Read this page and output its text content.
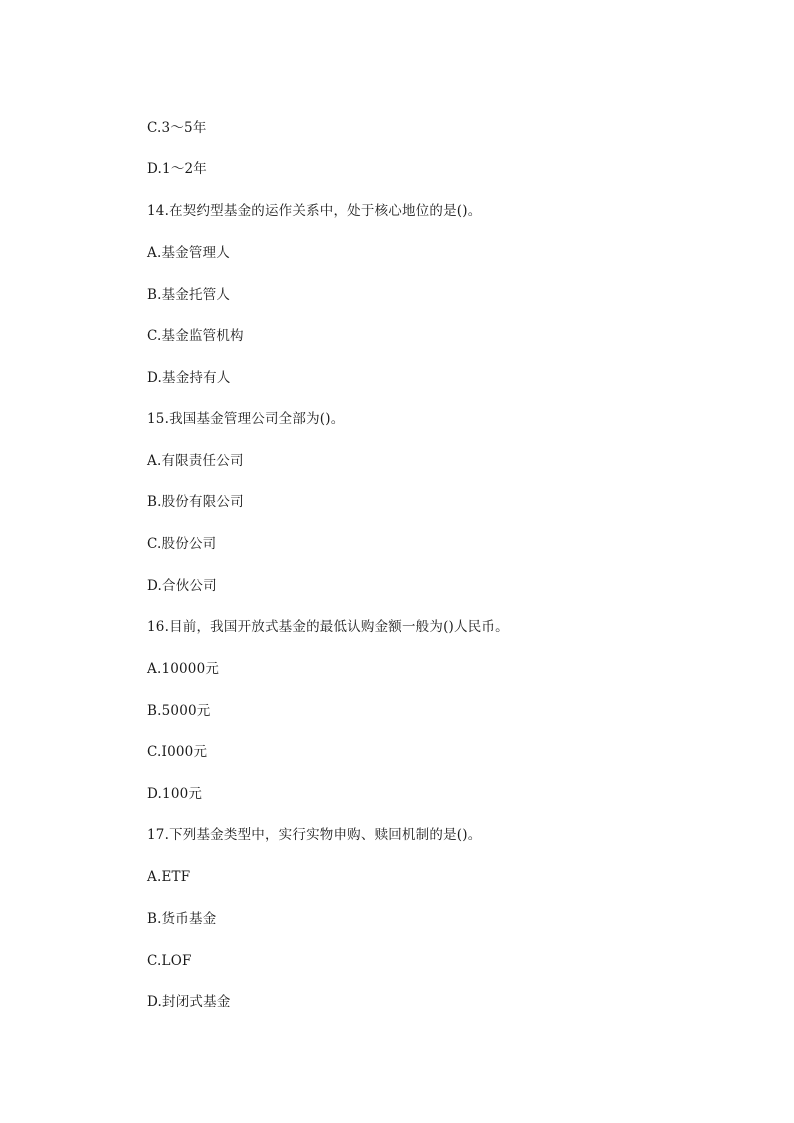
C.3～5年
D.1～2年
14.在契约型基金的运作关系中，处于核心地位的是()。
A.基金管理人
B.基金托管人
C.基金监管机构
D.基金持有人
15.我国基金管理公司全部为()。
A.有限责任公司
B.股份有限公司
C.股份公司
D.合伙公司
16.目前，我国开放式基金的最低认购金额一般为()人民币。
A.10000元
B.5000元
C.I000元
D.100元
17.下列基金类型中，实行实物申购、赎回机制的是()。
A.ETF
B.货币基金
C.LOF
D.封闭式基金
